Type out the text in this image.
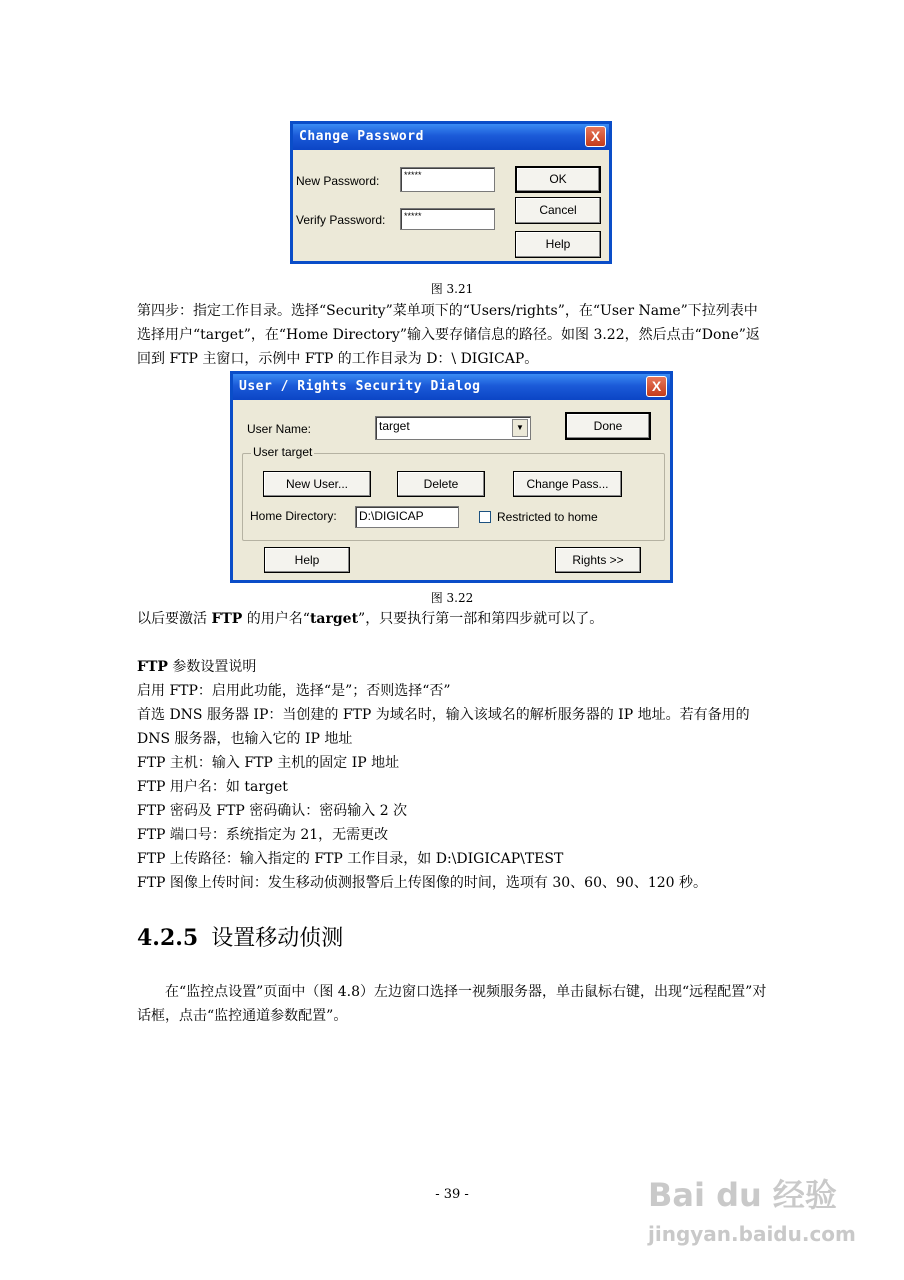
Change Password	X
New Password:	*****
Verify Password:	*****
OK
Cancel
Help
图 3.21
第四步：指定工作目录。选择“Security”菜单项下的“Users/rights”，在“User Name”下拉列表中选择用户“target”，在“Home Directory”输入要存储信息的路径。如图 3.22，然后点击“Done”返回到 FTP 主窗口，示例中 FTP 的工作目录为 D：\ DIGICAP。
User / Rights Security Dialog	X
User Name:	target	▼	Done
User target
New User...	Delete	Change Pass...
Home Directory:	D:\DIGICAP	Restricted to home
Help	Rights >>
图 3.22
以后要激活 FTP 的用户名“target”，只要执行第一部和第四步就可以了。
FTP 参数设置说明
启用 FTP：启用此功能，选择“是”；否则选择“否”
首选 DNS 服务器 IP：当创建的 FTP 为域名时，输入该域名的解析服务器的 IP 地址。若有备用的 DNS 服务器，也输入它的 IP 地址
FTP 主机：输入 FTP 主机的固定 IP 地址
FTP 用户名：如 target
FTP 密码及 FTP 密码确认：密码输入 2 次
FTP 端口号：系统指定为 21，无需更改
FTP 上传路径：输入指定的 FTP 工作目录，如 D:\DIGICAP\TEST
FTP 图像上传时间：发生移动侦测报警后上传图像的时间，选项有 30、60、90、120 秒。
4.2.5 设置移动侦测
在“监控点设置”页面中（图 4.8）左边窗口选择一视频服务器，单击鼠标右键，出现“远程配置”对话框，点击“监控通道参数配置”。
- 39 -	Bai du 经验
jingyan.baidu.com
